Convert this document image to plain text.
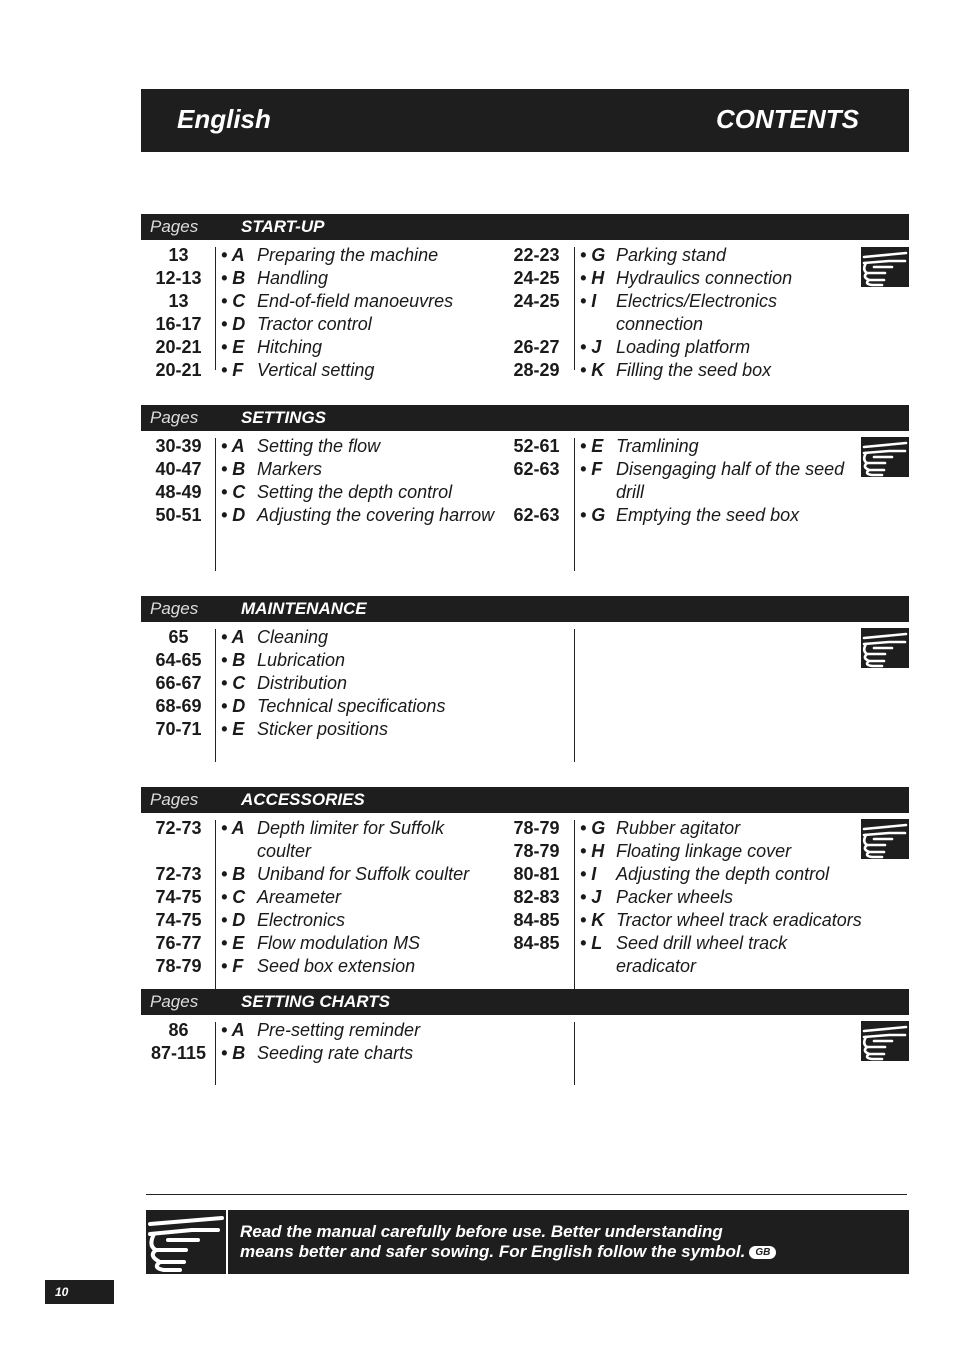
English	CONTENTS
Pages	START-UP
13	• A Preparing the machine
12-13	• B Handling
13	• C End-of-field manoeuvres
16-17	• D Tractor control
20-21	• E Hitching
20-21	• F Vertical setting
22-23	• G Parking stand
24-25	• H Hydraulics connection
24-25	• I Electrics/Electronics
connection
26-27	• J Loading platform
28-29	• K Filling the seed box
Pages	SETTINGS
30-39	• A Setting the flow
40-47	• B Markers
48-49	• C Setting the depth control
50-51	• D Adjusting the covering harrow
52-61	• E Tramlining
62-63	• F Disengaging half of the seed
drill
62-63	• G Emptying the seed box
Pages	MAINTENANCE
65	• A Cleaning
64-65	• B Lubrication
66-67	• C Distribution
68-69	• D Technical specifications
70-71	• E Sticker positions
Pages	ACCESSORIES
72-73	• A Depth limiter for Suffolk
coulter
72-73	• B Uniband for Suffolk coulter
74-75	• C Areameter
74-75	• D Electronics
76-77	• E Flow modulation MS
78-79	• F Seed box extension
78-79	• G Rubber agitator
78-79	• H Floating linkage cover
80-81	• I Adjusting the depth control
82-83	• J Packer wheels
84-85	• K Tractor wheel track eradicators
84-85	• L Seed drill wheel track
eradicator
Pages	SETTING CHARTS
86	• A Pre-setting reminder
87-115 • B Seeding rate charts
Read the manual carefully before use. Better understanding
means better and safer sowing. For English follow the symbol. GB
10
